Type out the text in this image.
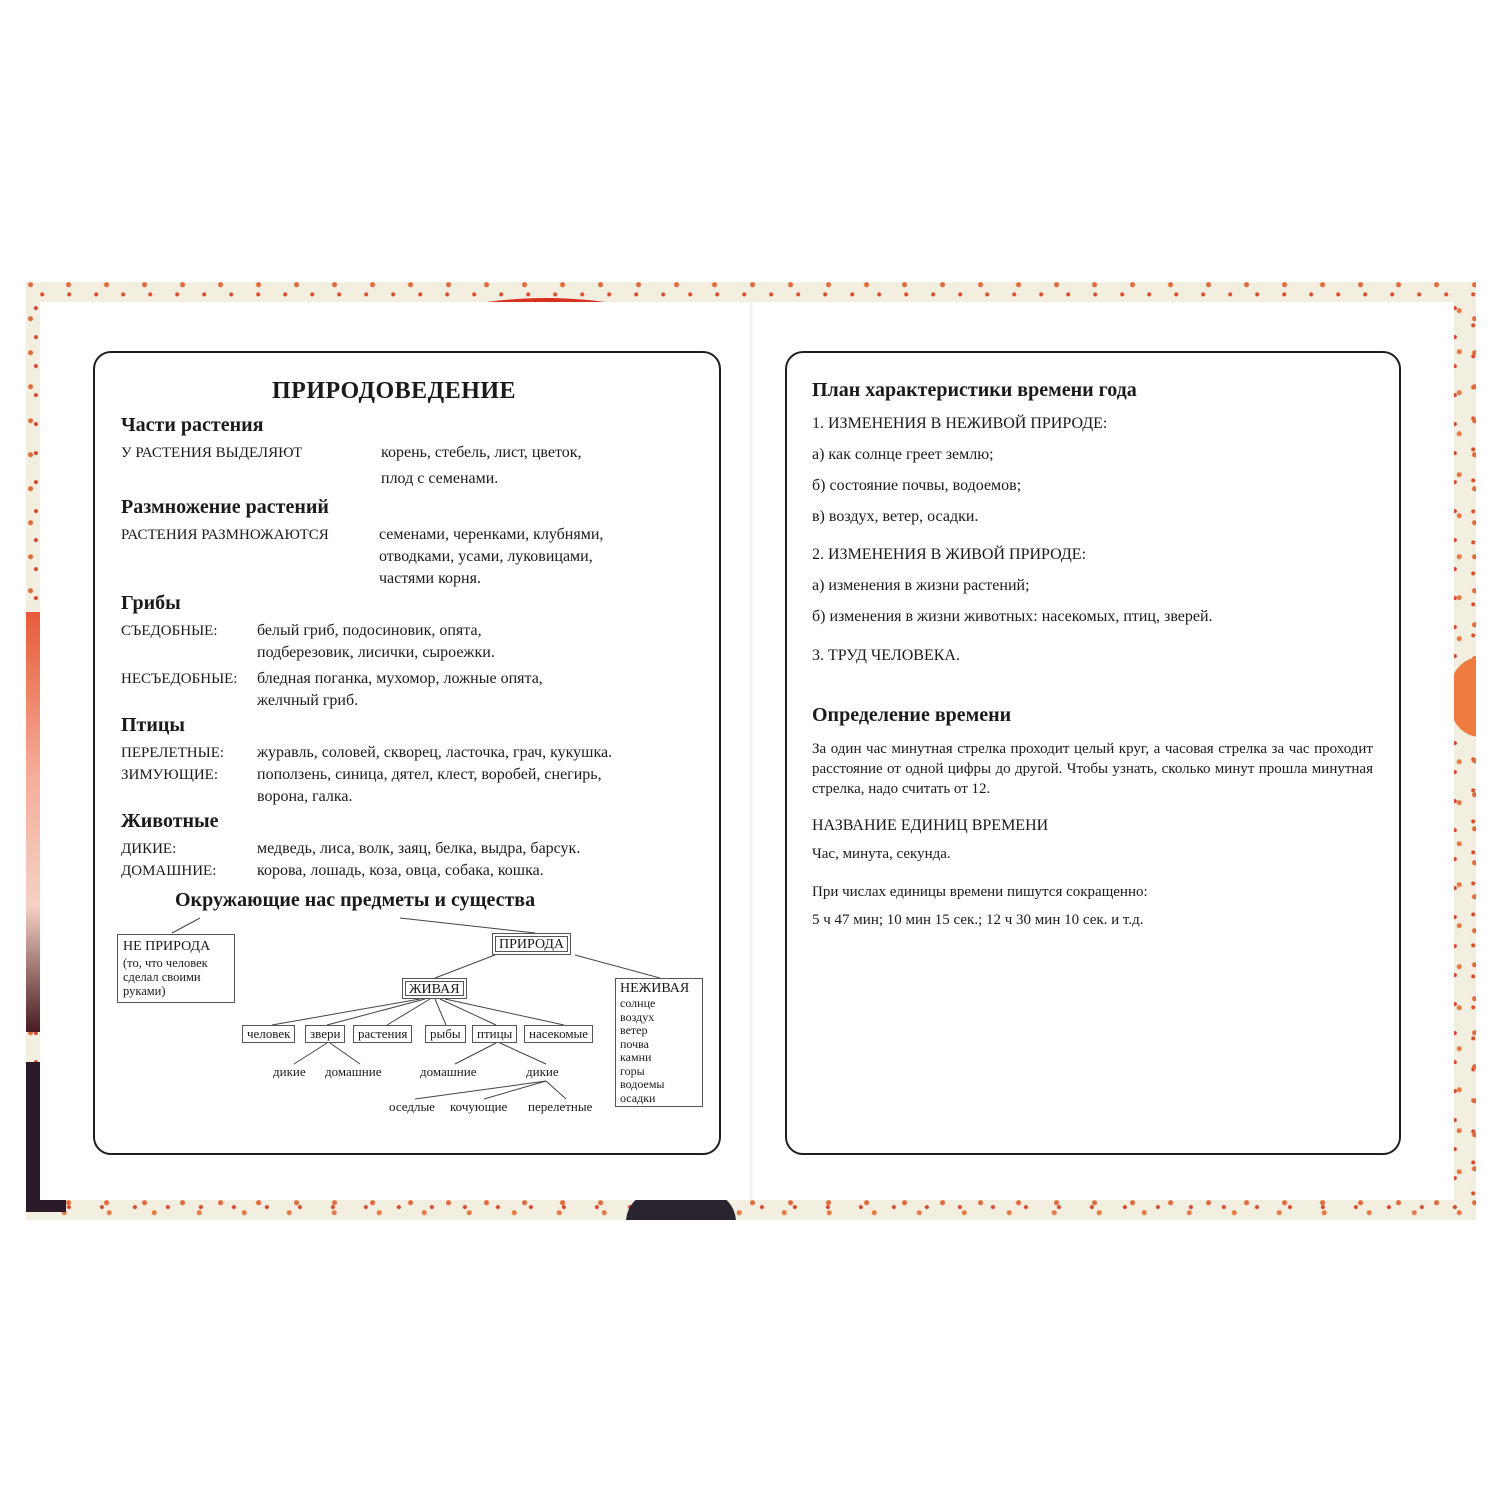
ПРИРОДОВЕДЕНИЕ
Части растения
У РАСТЕНИЯ ВЫДЕЛЯЮТ	корень, стебель, лист, цветок,
плод с семенами.
Размножение растений
РАСТЕНИЯ РАЗМНОЖАЮТСЯ	семенами, черенками, клубнями,
отводками, усами, луковицами,
частями корня.
Грибы
СЪЕДОБНЫЕ: белый гриб, подосиновик, опята,
подберезовик, лисички, сыроежки.
НЕСЪЕДОБНЫЕ: бледная поганка, мухомор, ложные опята,
желчный гриб.
Птицы
ПЕРЕЛЕТНЫЕ: журавль, соловей, скворец, ласточка, грач, кукушка.
ЗИМУЮЩИЕ: поползень, синица, дятел, клест, воробей, снегирь,
ворона, галка.
Животные
ДИКИЕ:	медведь, лиса, волк, заяц, белка, выдра, барсук.
ДОМАШНИЕ:	корова, лошадь, коза, овца, собака, кошка.
Окружающие нас предметы и существа
НЕ ПРИРОДА
(то, что человек
сделал своими
руками)
ПРИРОДА
ЖИВАЯ	НЕЖИВАЯ
солнце
воздух
ветер
почва
камни
горы
водоемы
осадки
человек	звери	растения	рыбы	птицы	насекомые
дикие домашние	домашние	дикие
оседлые кочующие перелетные
План характеристики времени года
1. ИЗМЕНЕНИЯ В НЕЖИВОЙ ПРИРОДЕ:
а) как солнце греет землю;
б) состояние почвы, водоемов;
в) воздух, ветер, осадки.
2. ИЗМЕНЕНИЯ В ЖИВОЙ ПРИРОДЕ:
а) изменения в жизни растений;
б) изменения в жизни животных: насекомых, птиц, зверей.
3. ТРУД ЧЕЛОВЕКА.
Определение времени
За один час минутная стрелка проходит целый круг, а часовая стрелка за час проходит расстояние от одной цифры до другой. Чтобы узнать, сколько минут прошла минутная стрелка, надо считать от 12.
НАЗВАНИЕ ЕДИНИЦ ВРЕМЕНИ
Час, минута, секунда.
При числах единицы времени пишутся сокращенно:
5 ч 47 мин; 10 мин 15 сек.; 12 ч 30 мин 10 сек. и т.д.
